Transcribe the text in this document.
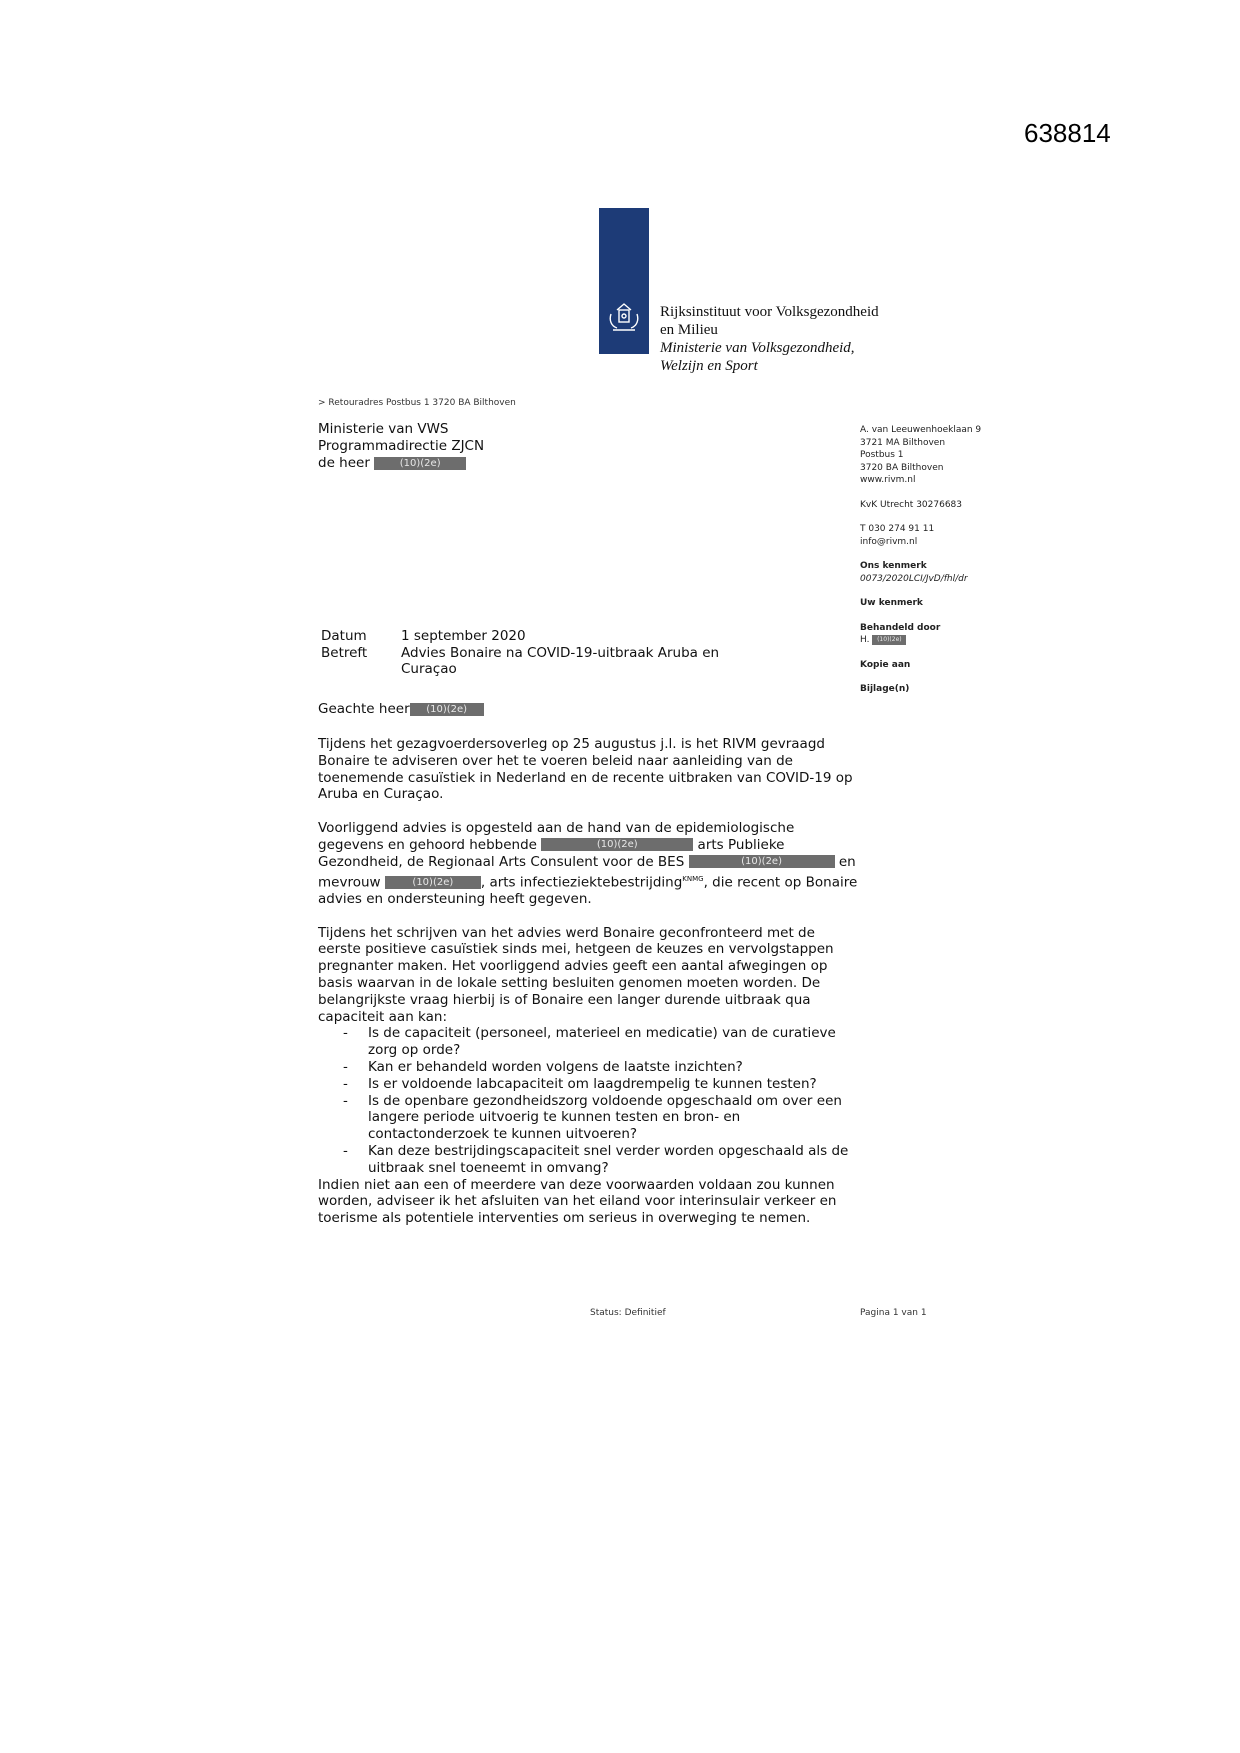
638814
Rijksinstituut voor Volksgezondheid
en Milieu
Ministerie van Volksgezondheid,
Welzijn en Sport
> Retouradres Postbus 1 3720 BA Bilthoven
Ministerie van VWS
Programmadirectie ZJCN
de heer	(10)(2e)
A. van Leeuwenhoeklaan 9
3721 MA Bilthoven
Postbus 1
3720 BA Bilthoven
www.rivm.nl
KvK Utrecht 30276683
T 030 274 91 11
info@rivm.nl
Ons kenmerk
0073/2020LCI/JvD/fhl/dr
Uw kenmerk
Behandeld door
H. (10)(2e)
Kopie aan
Bijlage(n)
Datum	1 september 2020
Betreft	Advies Bonaire na COVID-19-uitbraak Aruba en Curaçao
Geachte heer (10)(2e)

Tijdens het gezagvoerdersoverleg op 25 augustus j.l. is het RIVM gevraagd Bonaire te adviseren over het te voeren beleid naar aanleiding van de toenemende casuïstiek in Nederland en de recente uitbraken van COVID-19 op Aruba en Curaçao.

Voorliggend advies is opgesteld aan de hand van de epidemiologische gegevens en gehoord hebbende	(10)(2e)	arts Publieke Gezondheid, de Regionaal Arts Consulent voor de BES	(10)(2e)	en mevrouw	(10)(2e) , arts infectieziektebestrijding$^{KNMG}$, die recent op Bonaire advies en ondersteuning heeft gegeven.

Tijdens het schrijven van het advies werd Bonaire geconfronteerd met de eerste positieve casuïstiek sinds mei, hetgeen de keuzes en vervolgstappen pregnanter maken. Het voorliggend advies geeft een aantal afwegingen op basis waarvan in de lokale setting besluiten genomen moeten worden. De belangrijkste vraag hierbij is of Bonaire een langer durende uitbraak qua capaciteit aan kan:

- Is de capaciteit (personeel, materieel en medicatie) van de curatieve zorg op orde?
- Kan er behandeld worden volgens de laatste inzichten?
- Is er voldoende labcapaciteit om laagdrempelig te kunnen testen?
- Is de openbare gezondheidszorg voldoende opgeschaald om over een langere periode uitvoerig te kunnen testen en bron- en contactonderzoek te kunnen uitvoeren?
- Kan deze bestrijdingscapaciteit snel verder worden opgeschaald als de uitbraak snel toeneemt in omvang?

Indien niet aan een of meerdere van deze voorwaarden voldaan zou kunnen worden, adviseer ik het afsluiten van het eiland voor interinsulair verkeer en toerisme als potentiele interventies om serieus in overweging te nemen.

Status: Definitief	Pagina 1 van 1
